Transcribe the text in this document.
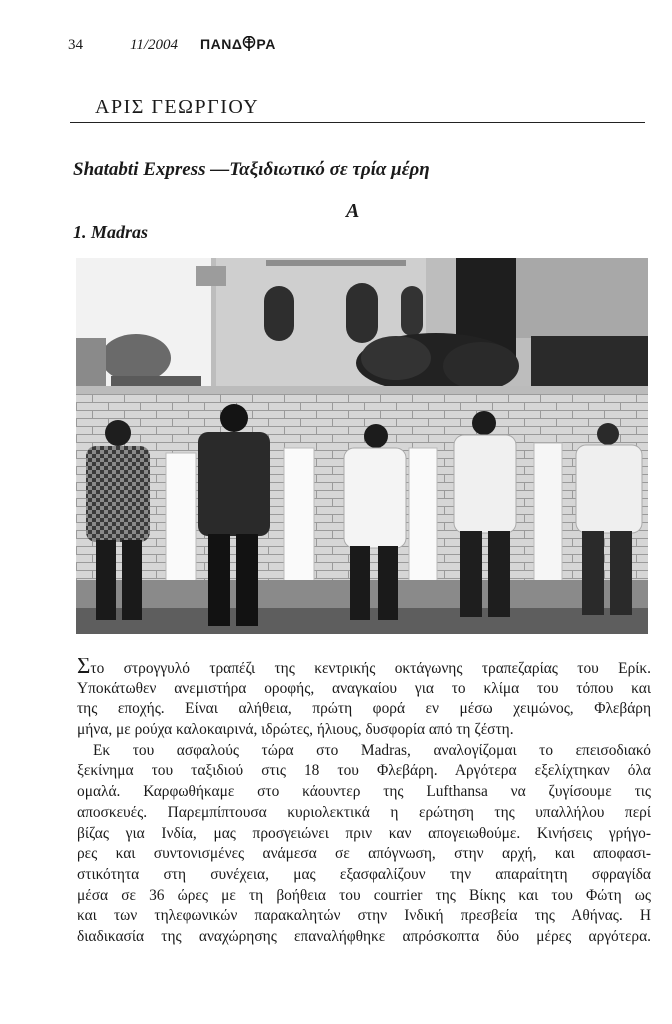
34	11/2004 ΠΑΝΔ ΡΑ
ΑΡΙΣ ΓΕΩΡΓΙΟΥ
Shatabti Express —Ταξιδιωτικό σε τρία μέρη
A
1. Madras
Στο στρογγυλό τραπέζι της κεντρικής οκτάγωνης τραπεζαρίας του Ερίκ.
Υποκάτωθεν ανεμιστήρα οροφής, αναγκαίου για το κλίμα του τόπου και
της εποχής. Είναι αλήθεια, πρώτη φορά εν μέσω χειμώνος, Φλεβάρη
μήνα, με ρούχα καλοκαιρινά, ιδρώτες, ήλιους, δυσφορία από τη ζέστη.
Εκ του ασφαλούς τώρα στο Madras, αναλογίζομαι το επεισοδιακό
ξεκίνημα του ταξιδιού στις 18 του Φλεβάρη. Αργότερα εξελίχτηκαν όλα
ομαλά. Καρφωθήκαμε στο κάουντερ της Lufthansa να ζυγίσουμε τις
αποσκευές. Παρεμπίπτουσα κυριολεκτικά η ερώτηση της υπαλλήλου περί
βίζας για Ινδία, μας προσγειώνει πριν καν απογειωθούμε. Κινήσεις γρήγο-
ρες και συντονισμένες ανάμεσα σε απόγνωση, στην αρχή, και αποφασι-
στικότητα στη συνέχεια, μας εξασφαλίζουν την απαραίτητη σφραγίδα
μέσα σε 36 ώρες με τη βοήθεια του courrier της Βίκης και του Φώτη ως
και των τηλεφωνικών παρακαλητών στην Ινδική πρεσβεία της Αθήνας. Η
διαδικασία της αναχώρησης επαναλήφθηκε απρόσκοπτα δύο μέρες αργότερα.
